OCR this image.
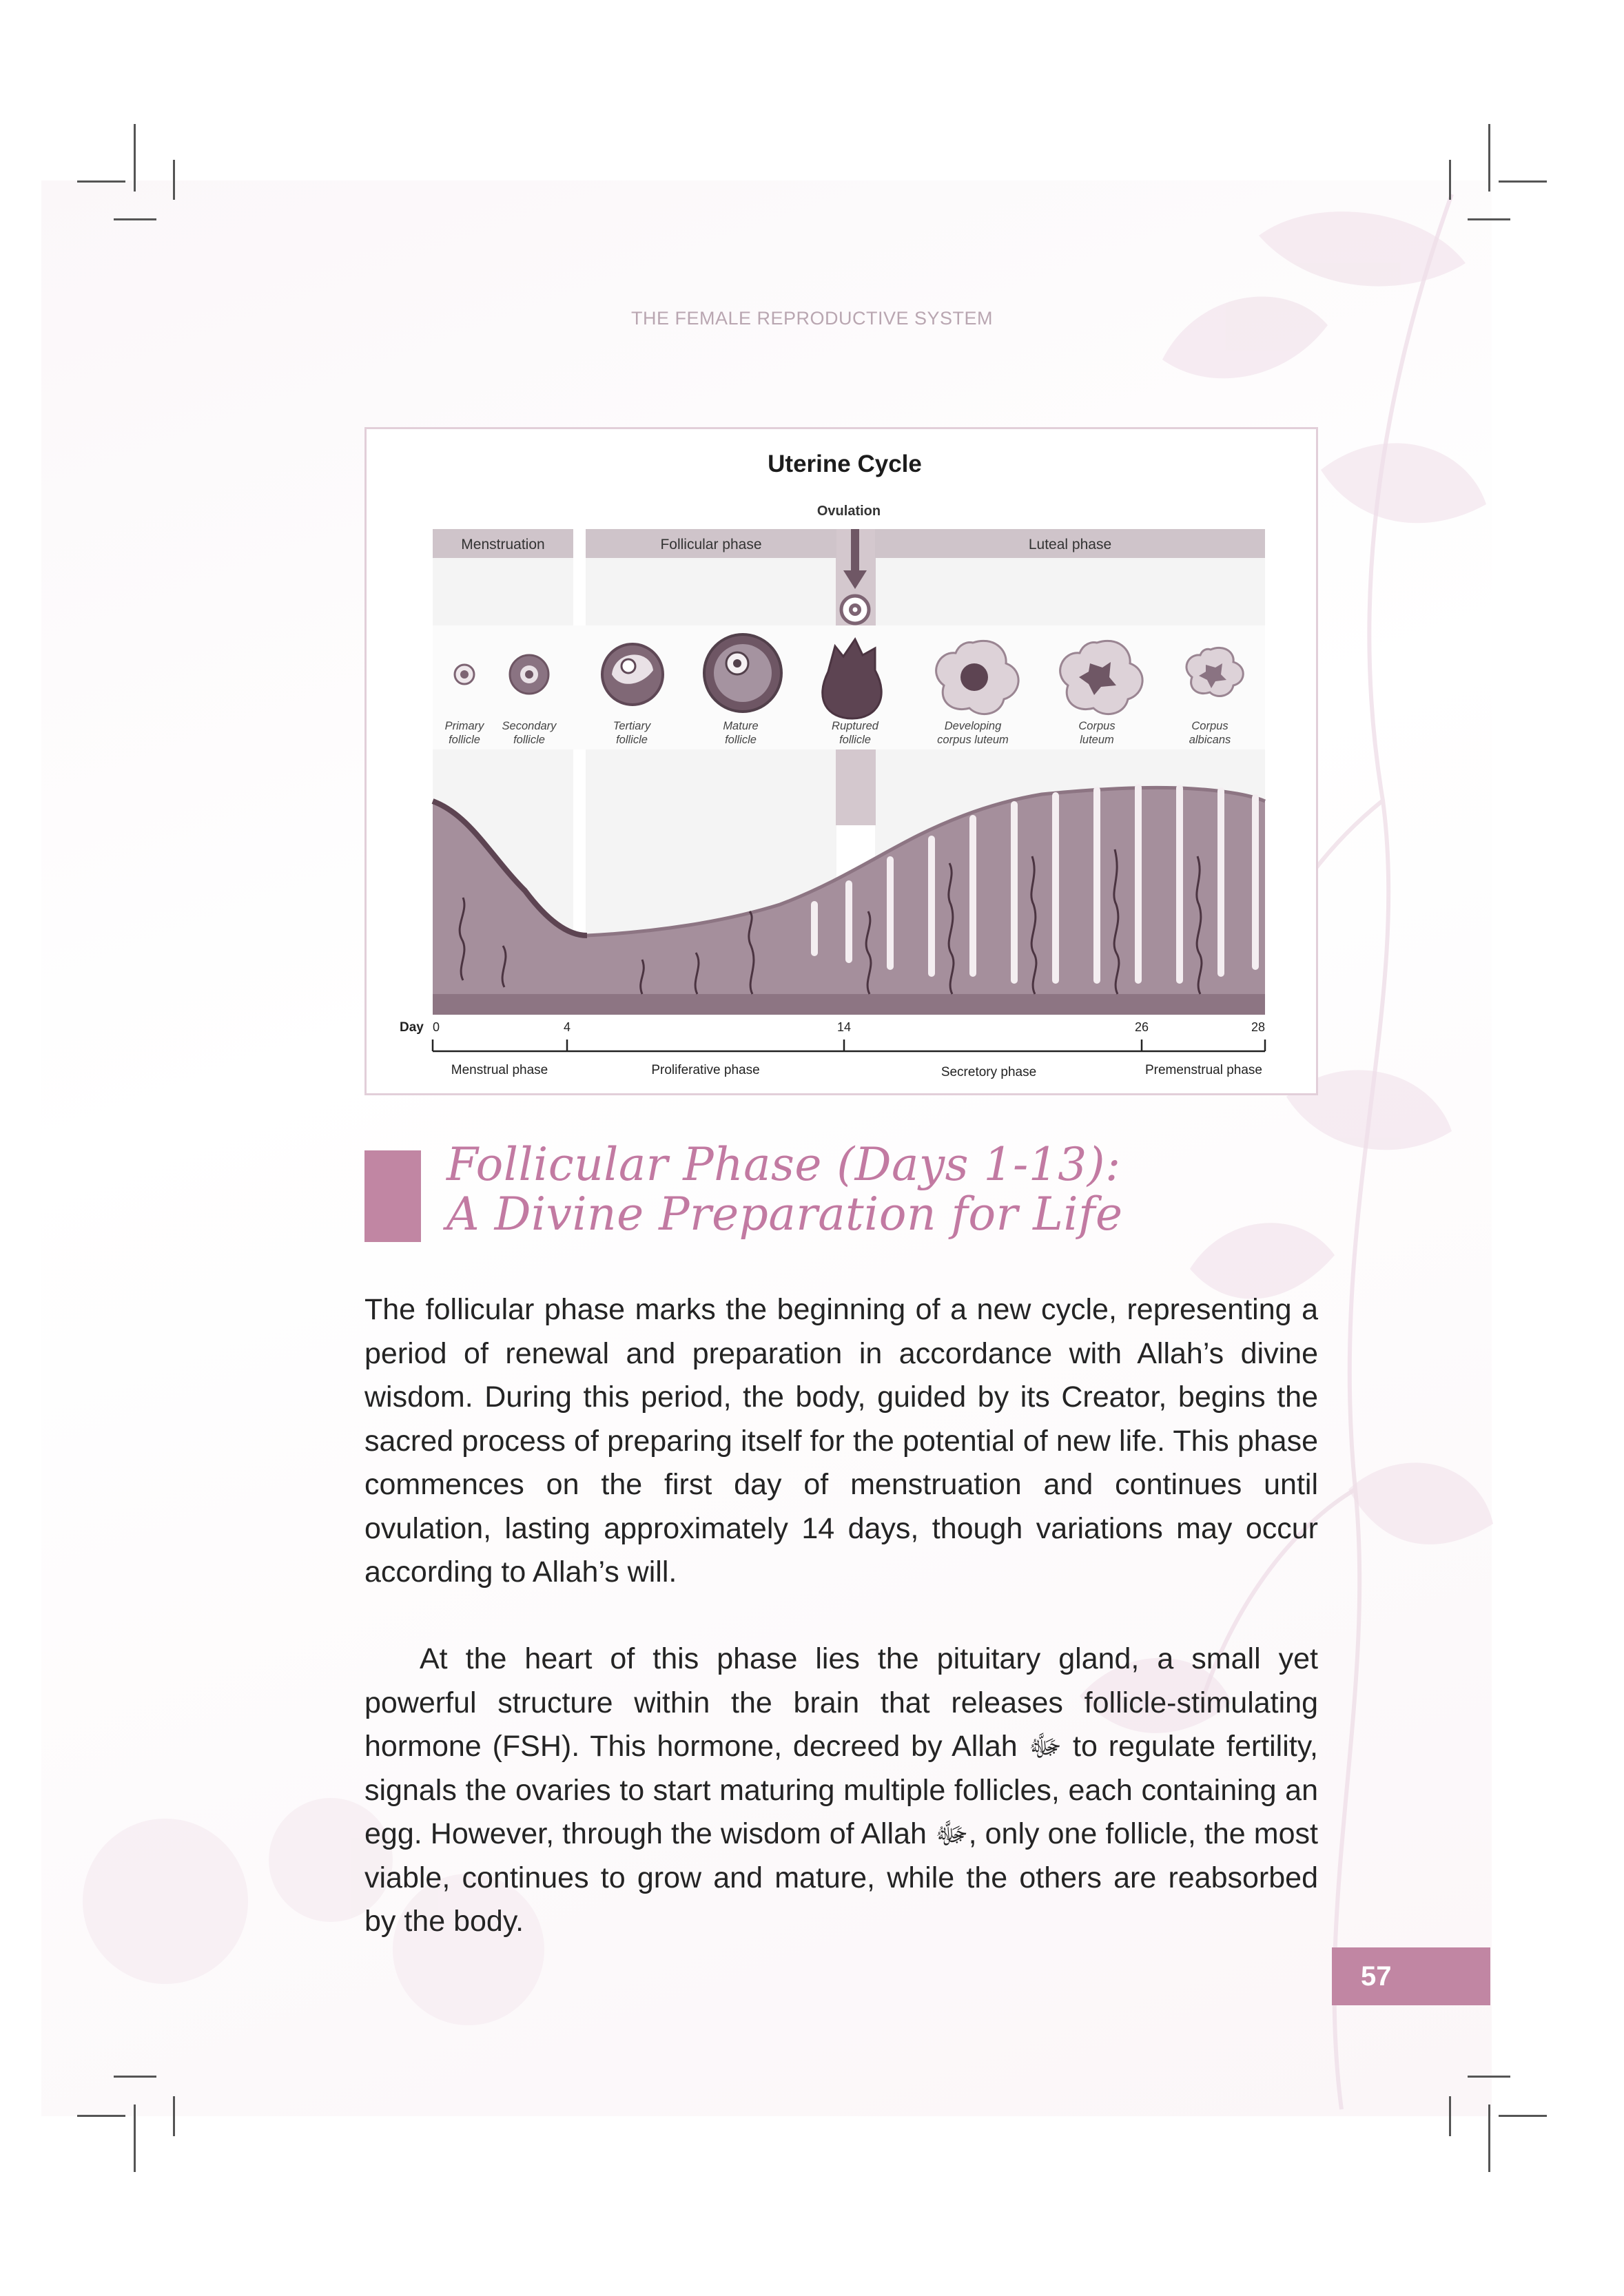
THE FEMALE REPRODUCTIVE SYSTEM
Uterine Cycle
Ovulation
Menstruation	Follicular phase	Luteal phase
Primary
follicle
Secondary
follicle
Tertiary
follicle
Mature
follicle
Ruptured
follicle
Developing
corpus luteum
Corpus
luteum
Corpus
albicans
Day 0	4	14	26	28
Menstrual phase	Proliferative phase	Secretory phase	Premenstrual phase
Follicular Phase (Days 1-13):
A Divine Preparation for Life

The follicular phase marks the beginning of a new cycle, representing a period of renewal and preparation in accordance with Allah’s divine wisdom. During this period, the body, guided by its Creator, begins the sacred process of preparing itself for the potential of new life. This phase commences on the first day of menstruation and continues until ovulation, lasting approximately 14 days, though variations may occur according to Allah’s will.

At the heart of this phase lies the pituitary gland, a small yet powerful structure within the brain that releases follicle-stimulating hormone (FSH). This hormone, decreed by Allah ﷻ to regulate fertility, signals the ovaries to start maturing multiple follicles, each containing an egg. However, through the wisdom of Allah ﷻ, only one follicle, the most viable, continues to grow and mature, while the others are reabsorbed by the body.

57
